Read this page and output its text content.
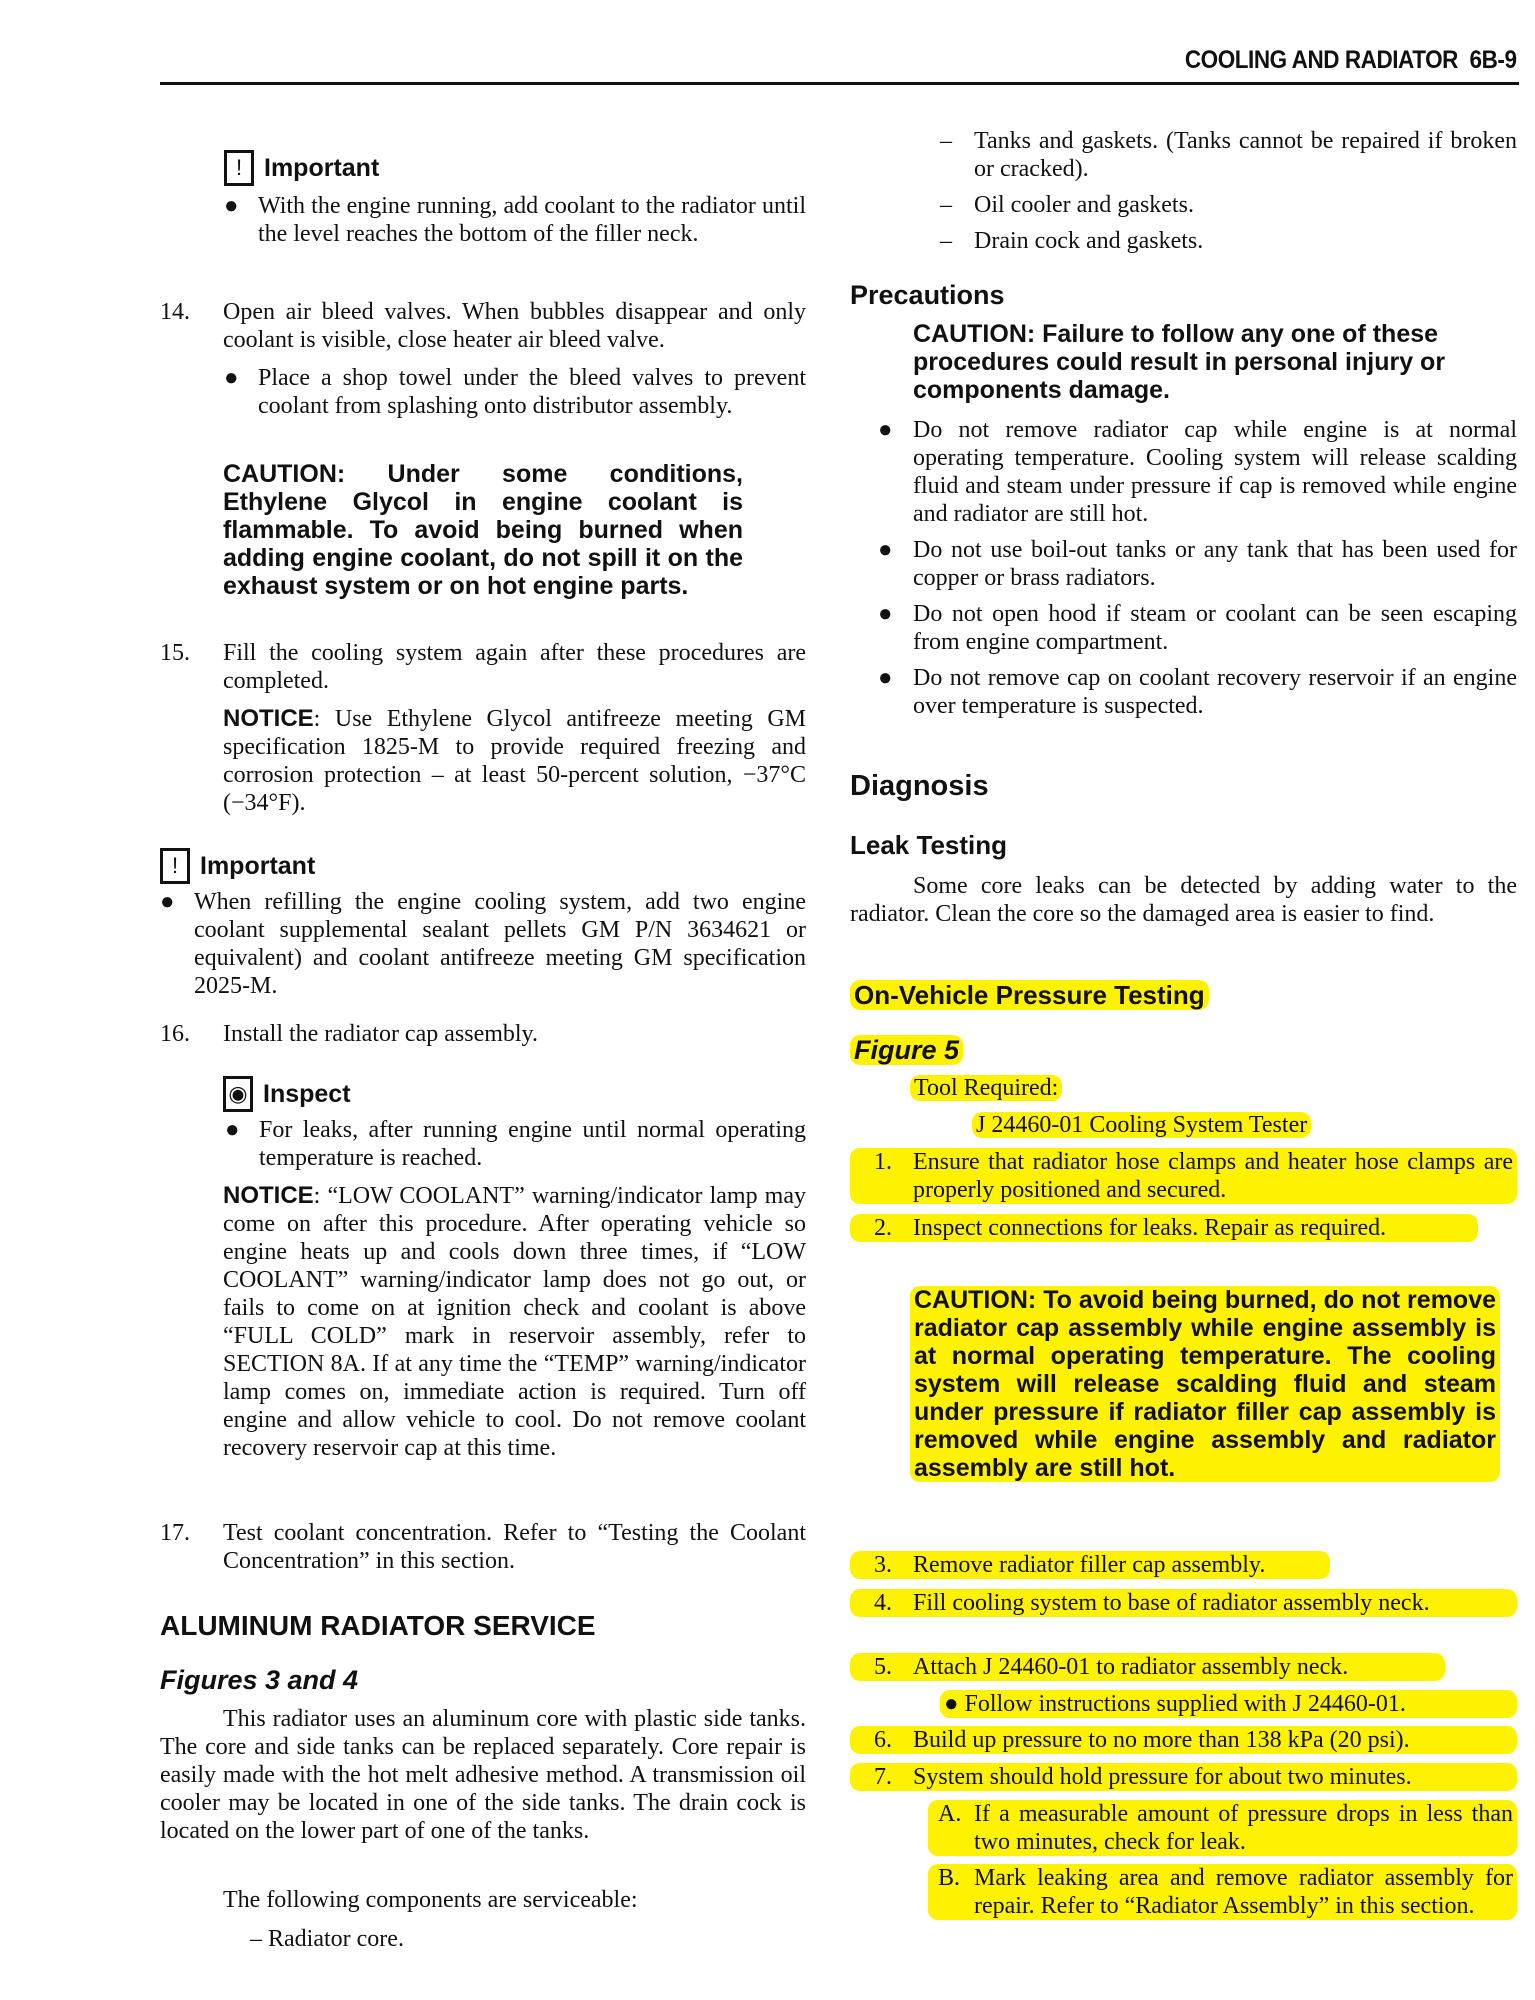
COOLING AND RADIATOR 6B-9
! Important
● With the engine running, add coolant to the radiator until the level reaches the bottom of the filler neck.
14.	Open air bleed valves. When bubbles disappear and only coolant is visible, close heater air bleed valve.
● Place a shop towel under the bleed valves to prevent coolant from splashing onto distributor assembly.
CAUTION: Under some conditions, Ethylene Glycol in engine coolant is flammable. To avoid being burned when adding engine coolant, do not spill it on the exhaust system or on hot engine parts.
15.	Fill the cooling system again after these procedures are completed.
NOTICE: Use Ethylene Glycol antifreeze meeting GM specification 1825-M to provide required freezing and corrosion protection – at least 50-percent solution, −37°C (−34°F).
! Important
● When refilling the engine cooling system, add two engine coolant supplemental sealant pellets GM P/N 3634621 or equivalent) and coolant antifreeze meeting GM specification 2025-M.
16.	Install the radiator cap assembly.
◉ Inspect
● For leaks, after running engine until normal operating temperature is reached.
NOTICE: “LOW COOLANT” warning/indicator lamp may come on after this procedure. After operating vehicle so engine heats up and cools down three times, if “LOW COOLANT” warning/indicator lamp does not go out, or fails to come on at ignition check and coolant is above “FULL COLD” mark in reservoir assembly, refer to SECTION 8A. If at any time the “TEMP” warning/indicator lamp comes on, immediate action is required. Turn off engine and allow vehicle to cool. Do not remove coolant recovery reservoir cap at this time.
17.	Test coolant concentration. Refer to “Testing the Coolant Concentration” in this section.
ALUMINUM RADIATOR SERVICE
Figures 3 and 4
This radiator uses an aluminum core with plastic side tanks. The core and side tanks can be replaced separately. Core repair is easily made with the hot melt adhesive method. A transmission oil cooler may be located in one of the side tanks. The drain cock is located on the lower part of one of the tanks.
The following components are serviceable:
– Radiator core.
– Tanks and gaskets. (Tanks cannot be repaired if broken or cracked).
– Oil cooler and gaskets.
– Drain cock and gaskets.
Precautions
CAUTION: Failure to follow any one of these procedures could result in personal injury or components damage.
● Do not remove radiator cap while engine is at normal operating temperature. Cooling system will release scalding fluid and steam under pressure if cap is removed while engine and radiator are still hot.
● Do not use boil-out tanks or any tank that has been used for copper or brass radiators.
● Do not open hood if steam or coolant can be seen escaping from engine compartment.
● Do not remove cap on coolant recovery reservoir if an engine over temperature is suspected.
Diagnosis
Leak Testing
Some core leaks can be detected by adding water to the radiator. Clean the core so the damaged area is easier to find.
On-Vehicle Pressure Testing
Figure 5
Tool Required:
J 24460-01 Cooling System Tester
1. Ensure that radiator hose clamps and heater hose clamps are properly positioned and secured.
2. Inspect connections for leaks. Repair as required.
CAUTION: To avoid being burned, do not remove radiator cap assembly while engine assembly is at normal operating temperature. The cooling system will release scalding fluid and steam under pressure if radiator filler cap assembly is removed while engine assembly and radiator assembly are still hot.
3. Remove radiator filler cap assembly.
4. Fill cooling system to base of radiator assembly neck.
5. Attach J 24460-01 to radiator assembly neck.
● Follow instructions supplied with J 24460-01.
6. Build up pressure to no more than 138 kPa (20 psi).
7. System should hold pressure for about two minutes.
A. If a measurable amount of pressure drops in less than two minutes, check for leak.
B. Mark leaking area and remove radiator assembly for repair. Refer to “Radiator Assembly” in this section.
